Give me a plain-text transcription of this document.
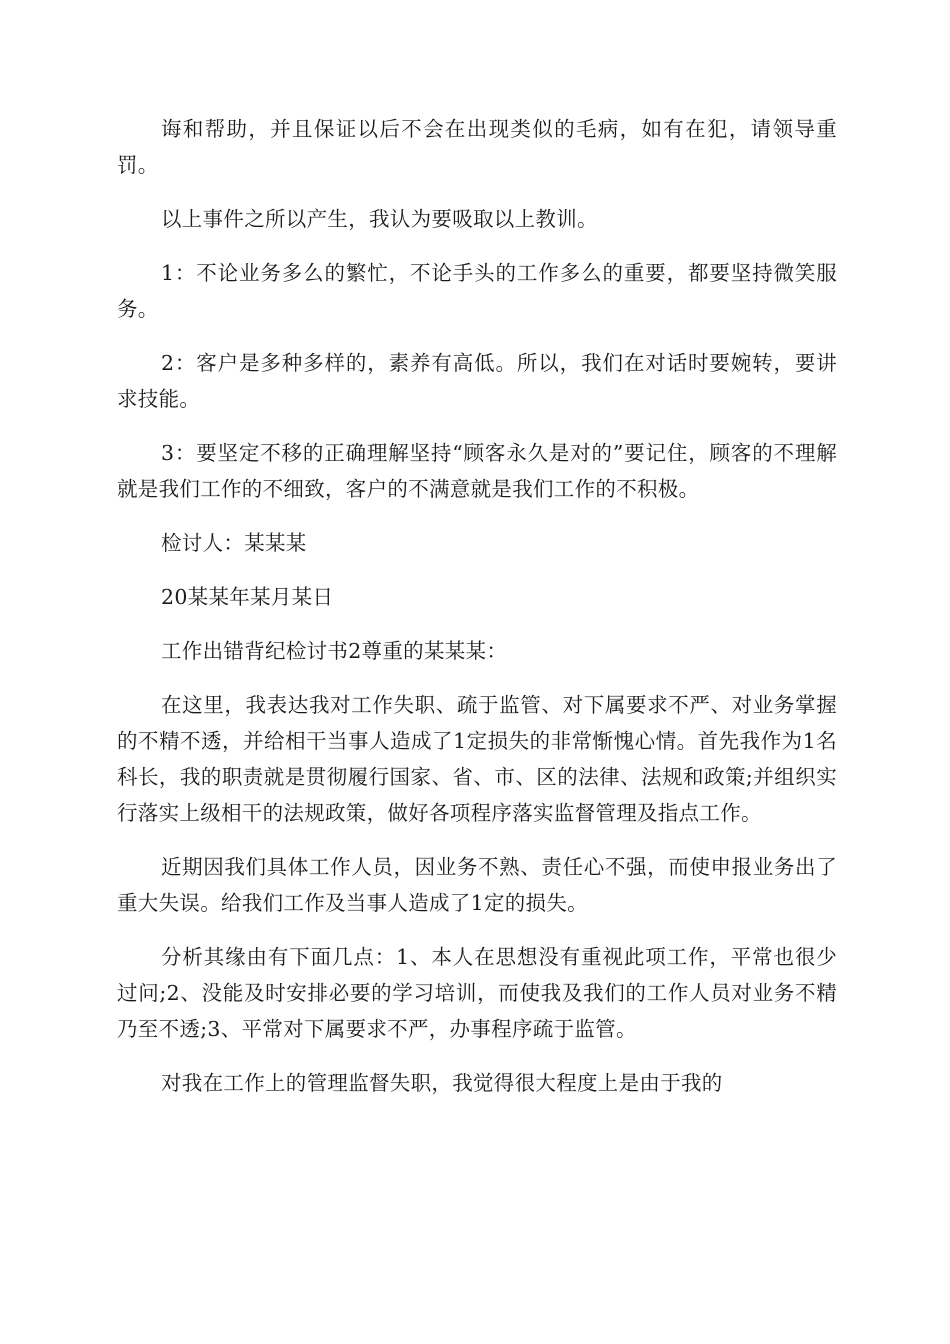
诲和帮助，并且保证以后不会在出现类似的毛病，如有在犯，请领导重罚。

以上事件之所以产生，我认为要吸取以上教训。

1：不论业务多么的繁忙，不论手头的工作多么的重要，都要坚持微笑服务。

2：客户是多种多样的，素养有高低。所以，我们在对话时要婉转，要讲求技能。

3：要坚定不移的正确理解坚持“顾客永久是对的”要记住，顾客的不理解就是我们工作的不细致，客户的不满意就是我们工作的不积极。

检讨人：某某某

20某某年某月某日

工作出错背纪检讨书2尊重的某某某：

在这里，我表达我对工作失职、疏于监管、对下属要求不严、对业务掌握的不精不透，并给相干当事人造成了1定损失的非常惭愧心情。首先我作为1名科长，我的职责就是贯彻履行国家、省、市、区的法律、法规和政策;并组织实行落实上级相干的法规政策，做好各项程序落实监督管理及指点工作。

近期因我们具体工作人员，因业务不熟、责任心不强，而使申报业务出了重大失误。给我们工作及当事人造成了1定的损失。

分析其缘由有下面几点：1、本人在思想没有重视此项工作，平常也很少过问;2、没能及时安排必要的学习培训，而使我及我们的工作人员对业务不精乃至不透;3、平常对下属要求不严，办事程序疏于监管。

对我在工作上的管理监督失职，我觉得很大程度上是由于我的
